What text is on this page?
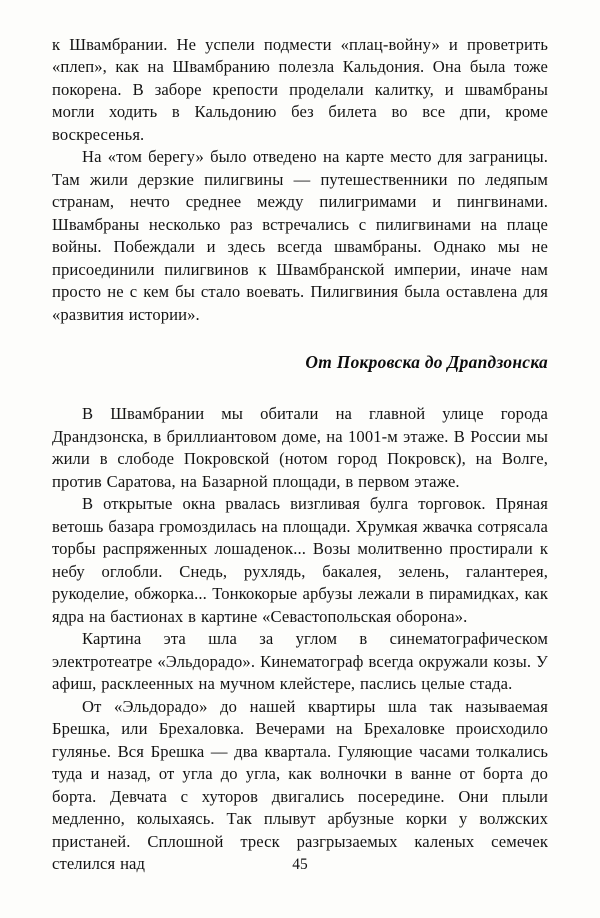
к Швамбрании. Не успели подмести «плац-войну» и проветрить «плеп», как на Швамбранию полезла Кальдония. Она была тоже покорена. В заборе крепости проделали калитку, и швамбраны могли ходить в Кальдонию без билета во все дпи, кроме воскресенья.

На «том берегу» было отведено на карте место для заграницы. Там жили дерзкие пилигвины — путешественники по ледяпым странам, нечто среднее между пилигримами и пингвинами. Швамбраны несколько раз встречались с пилигвинами на плаце войны. Побеждали и здесь всегда швамбраны. Однако мы не присоединили пилигвинов к Швамбранской империи, иначе нам просто не с кем бы стало воевать. Пилигвиния была оставлена для «развития истории».

От Покровска до Драпдзонска

В Швамбрании мы обитали на главной улице города Драндзонска, в бриллиантовом доме, на 1001-м этаже. В России мы жили в слободе Покровской (нотом город Покровск), на Волге, против Саратова, на Базарной площади, в первом этаже.

В открытые окна рвалась визгливая булга торговок. Пряная ветошь базара громоздилась на площади. Хрумкая жвачка сотрясала торбы распряженных лошаденок... Возы молитвенно простирали к небу оглобли. Снедь, рухлядь, бакалея, зелень, галантерея, рукоделие, обжорка... Тонкокорые арбузы лежали в пирамидках, как ядра на бастионах в картине «Севастопольская оборона».

Картина эта шла за углом в синематографическом электротеатре «Эльдорадо». Кинематограф всегда окружали козы. У афиш, расклеенных на мучном клейстере, паслись целые стада.

От «Эльдорадо» до нашей квартиры шла так называемая Брешка, или Брехаловка. Вечерами на Брехаловке происходило гулянье. Вся Брешка — два квартала. Гуляющие часами толкались туда и назад, от угла до угла, как волночки в ванне от борта до борта. Девчата с хуторов двигались посередине. Они плыли медленно, колыхаясь. Так плывут арбузные корки у волжских пристаней. Сплошной треск разгрызаемых каленых семечек стелился над	45
